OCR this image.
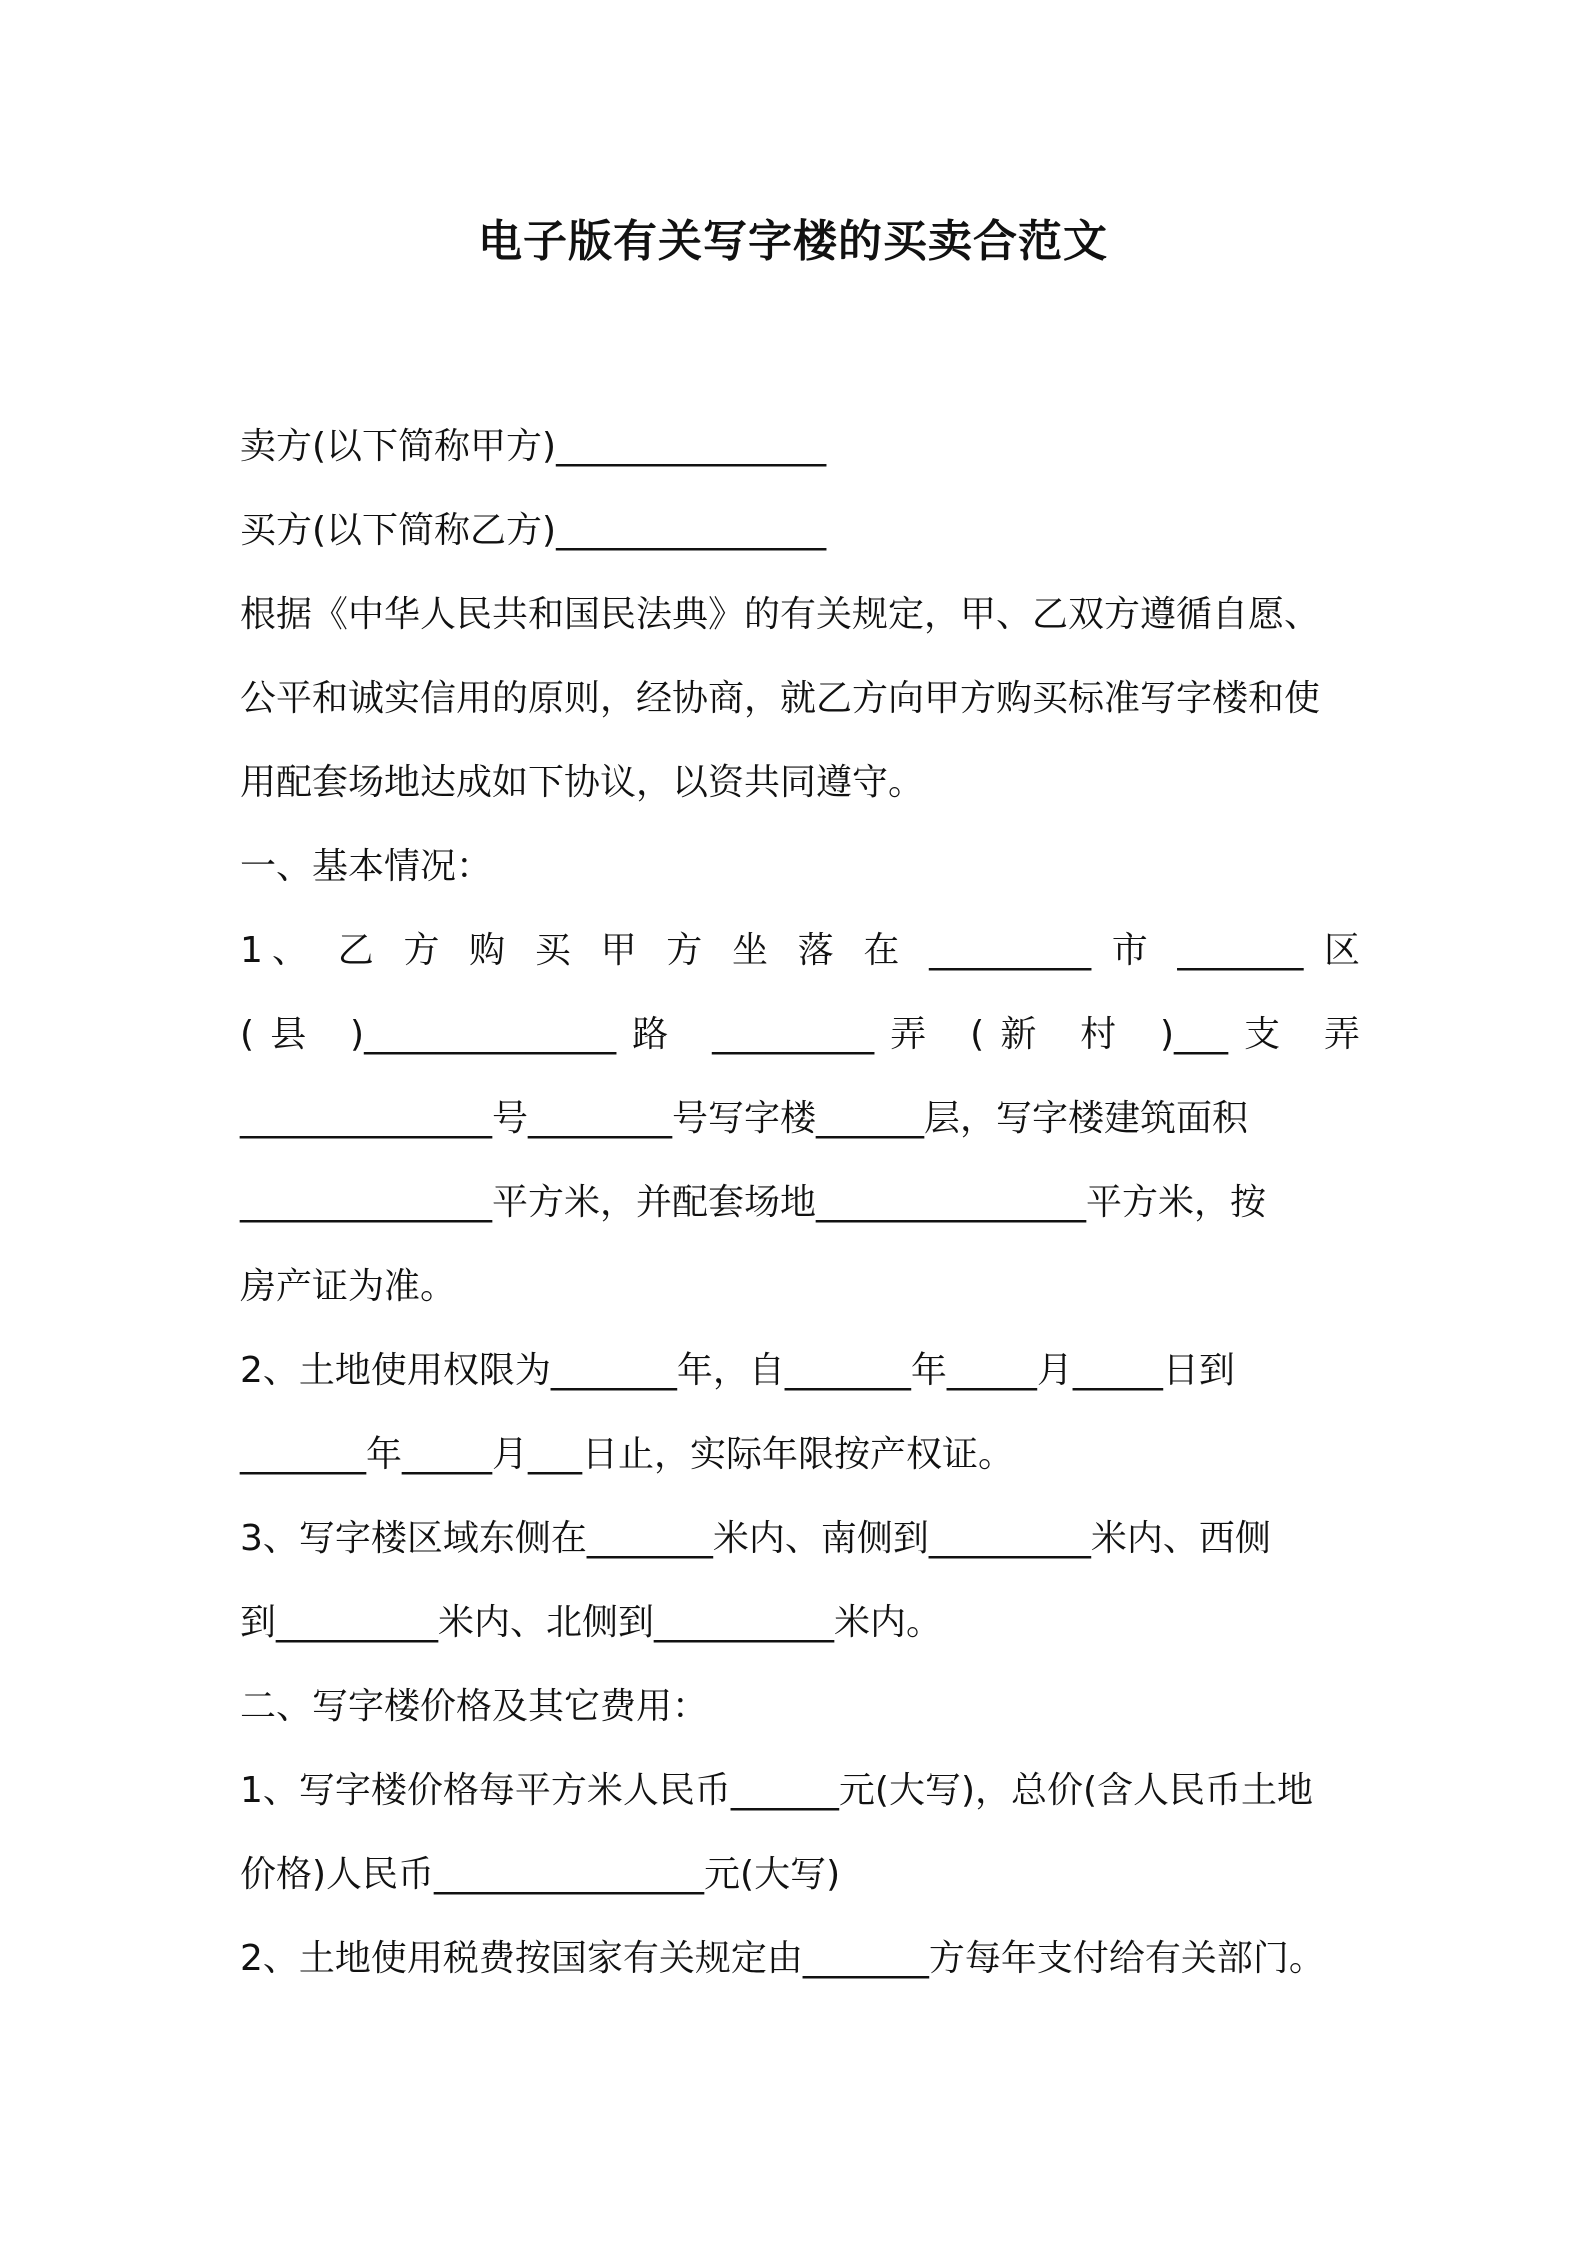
电子版有关写字楼的买卖合范文
卖方(以下简称甲方)_______________
买方(以下简称乙方)_______________
根据《中华人民共和国民法典》的有关规定，甲、乙双方遵循自愿、
公平和诚实信用的原则，经协商，就乙方向甲方购买标准写字楼和使
用配套场地达成如下协议，以资共同遵守。
一、基本情况：
1、 乙 方 购 买 甲 方 坐 落 在 _________ 市 _______ 区
(县 )______________路 _________弄 (新 村 )___支 弄
______________号________号写字楼______层，写字楼建筑面积
______________平方米，并配套场地_______________平方米，按
房产证为准。
2、土地使用权限为_______年，自_______年_____月_____日到
_______年_____月___日止，实际年限按产权证。
3、写字楼区域东侧在_______米内、南侧到_________米内、西侧
到_________米内、北侧到__________米内。
二、写字楼价格及其它费用：
1、写字楼价格每平方米人民币______元(大写)，总价(含人民币土地
价格)人民币_______________元(大写)
2、土地使用税费按国家有关规定由_______方每年支付给有关部门。
